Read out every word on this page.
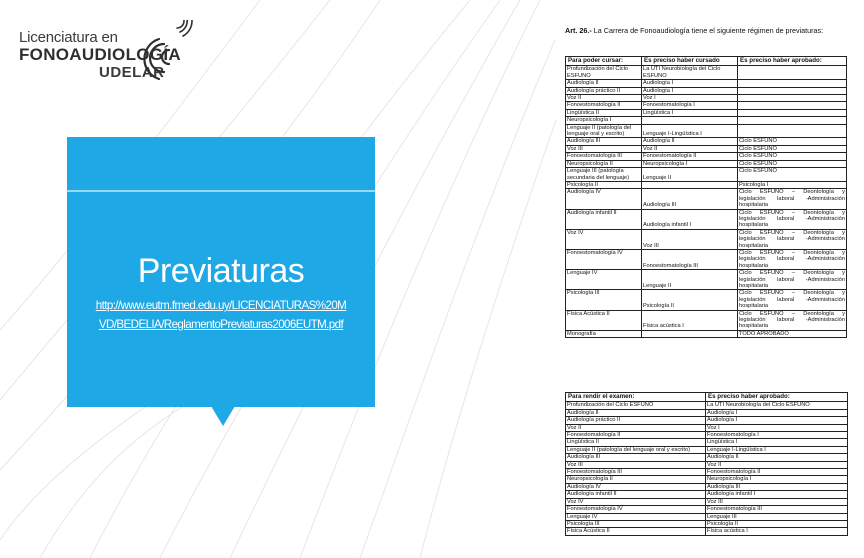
Licenciatura en
FONOAUDIOLOGÍA
UDELAR
Previaturas
http://www.eutm.fmed.edu.uy/LICENCIATURAS%20M
VD/BEDELIA/ReglamentoPreviaturas2006EUTM.pdf
Art. 26.- La Carrera de Fonoaudiología tiene el siguiente régimen de previaturas:
Para poder cursar:	Es preciso haber cursado	Es preciso haber aprobado:
Profundización del Ciclo ESFUNO	La UTI Neurobiología del Ciclo ESFUNO	
Audiología II	Audiología I	
Audiología práctico II	Audiología I	
Voz II	Voz I	
Fonoestomatología II	Fonoestomatología I	
Lingüística II	Lingüística I	
Neuropsicología I		
Lenguaje II (patología del lenguaje oral y escrito)	Lenguaje I-Lingüística I	
Audiología III	Audiología II	Ciclo ESFUNO
Voz III	Voz II	Ciclo ESFUNO
Fonoestomatología III	Fonoestomatología II	Ciclo ESFUNO
Neuropsicología II	Neuropsicología I	Ciclo ESFUNO
Lenguaje III (patología secundaria del lenguaje)	Lenguaje II	Ciclo ESFUNO
Psicología II		Psicología I
Audiología IV	Audiología III	Ciclo ESFUNO – Deontología y legislación laboral -Administración hospitalaria
Audiología infantil II	Audiología infantil I	Ciclo ESFUNO – Deontología y legislación laboral -Administración hospitalaria
Voz IV	Voz III	Ciclo ESFUNO – Deontología y legislación laboral -Administración hospitalaria
Fonoestomatología IV	Fonoestomatología III	Ciclo ESFUNO – Deontología y legislación laboral -Administración hospitalaria
Lenguaje IV	Lenguaje II	Ciclo ESFUNO – Deontología y legislación laboral -Administración hospitalaria
Psicología III	Psicología II	Ciclo ESFUNO – Deontología y legislación laboral -Administración hospitalaria
Física Acústica II	Física acústica I	Ciclo ESFUNO – Deontología y legislación laboral -Administración hospitalaria
Monografía		TODO APROBADO
Para rendir el examen:	Es preciso haber aprobado:
Profundización del Ciclo ESFUNO	La UTI Neurobiología del Ciclo ESFUNO
Audiología II	Audiología I
Audiología práctico II	Audiología I
Voz II	Voz I
Fonoestomatología II	Fonoestomatología I
Lingüística II	Lingüística I
Lenguaje II (patología del lenguaje oral y escrito)	Lenguaje I-Lingüística I
Audiología III	Audiología II
Voz III	Voz II
Fonoestomatología III	Fonoestomatología II
Neuropsicología II	Neuropsicología I
Audiología IV	Audiología III
Audiología infantil II	Audiología infantil I
Voz IV	Voz III
Fonoestomatología IV	Fonoestomatología III
Lenguaje IV	Lenguaje III
Psicología III	Psicología II
Física Acústica II	Física acústica I
